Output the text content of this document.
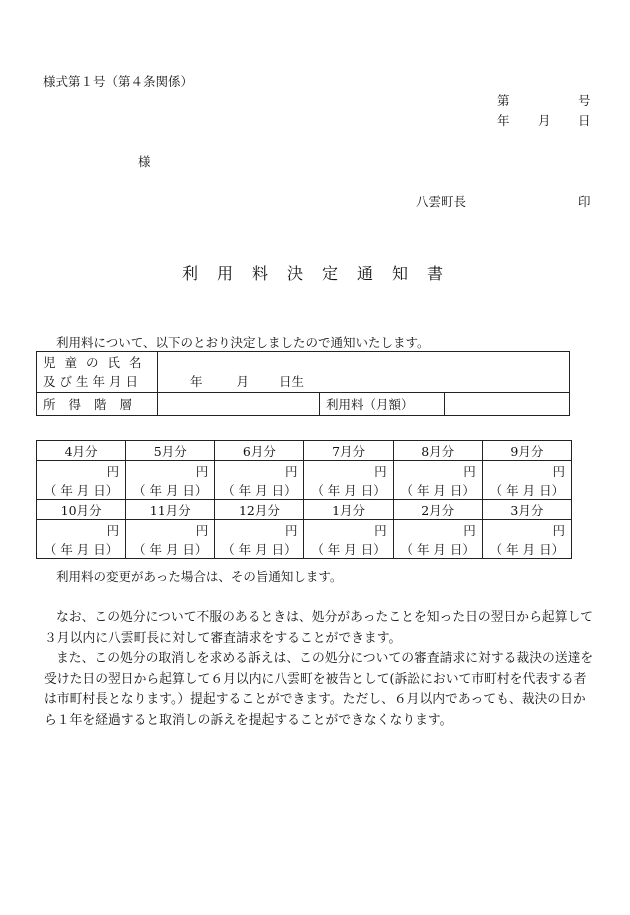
様式第１号（第４条関係）
第	号
年 月 日
様
八雲町長	印
利用料決定通知書
利用料について、以下のとおり決定しましたので通知いたします。
児童の氏名
及び生年月日	年	月 日生
所得階層			利用料（月額）	
4月分	5月分	6月分	7月分	8月分	9月分
円	円	円	円	円	円
（ 年 月 日）	（ 年 月 日）	（ 年 月 日）	（ 年 月 日）	（ 年 月 日）	（ 年 月 日）
10月分	11月分	12月分	1月分	2月分	3月分
円	円	円	円	円	円
（ 年 月 日）	（ 年 月 日）	（ 年 月 日）	（ 年 月 日）	（ 年 月 日）	（ 年 月 日）
利用料の変更があった場合は、その旨通知します。
なお、この処分について不服のあるときは、処分があったことを知った日の翌日から起算して３月以内に八雲町長に対して審査請求をすることができます。
また、この処分の取消しを求める訴えは、この処分についての審査請求に対する裁決の送達を受けた日の翌日から起算して６月以内に八雲町を被告として(訴訟において市町村を代表する者は市町村長となります。）提起することができます。ただし、６月以内であっても、裁決の日から１年を経過すると取消しの訴えを提起することができなくなります。
